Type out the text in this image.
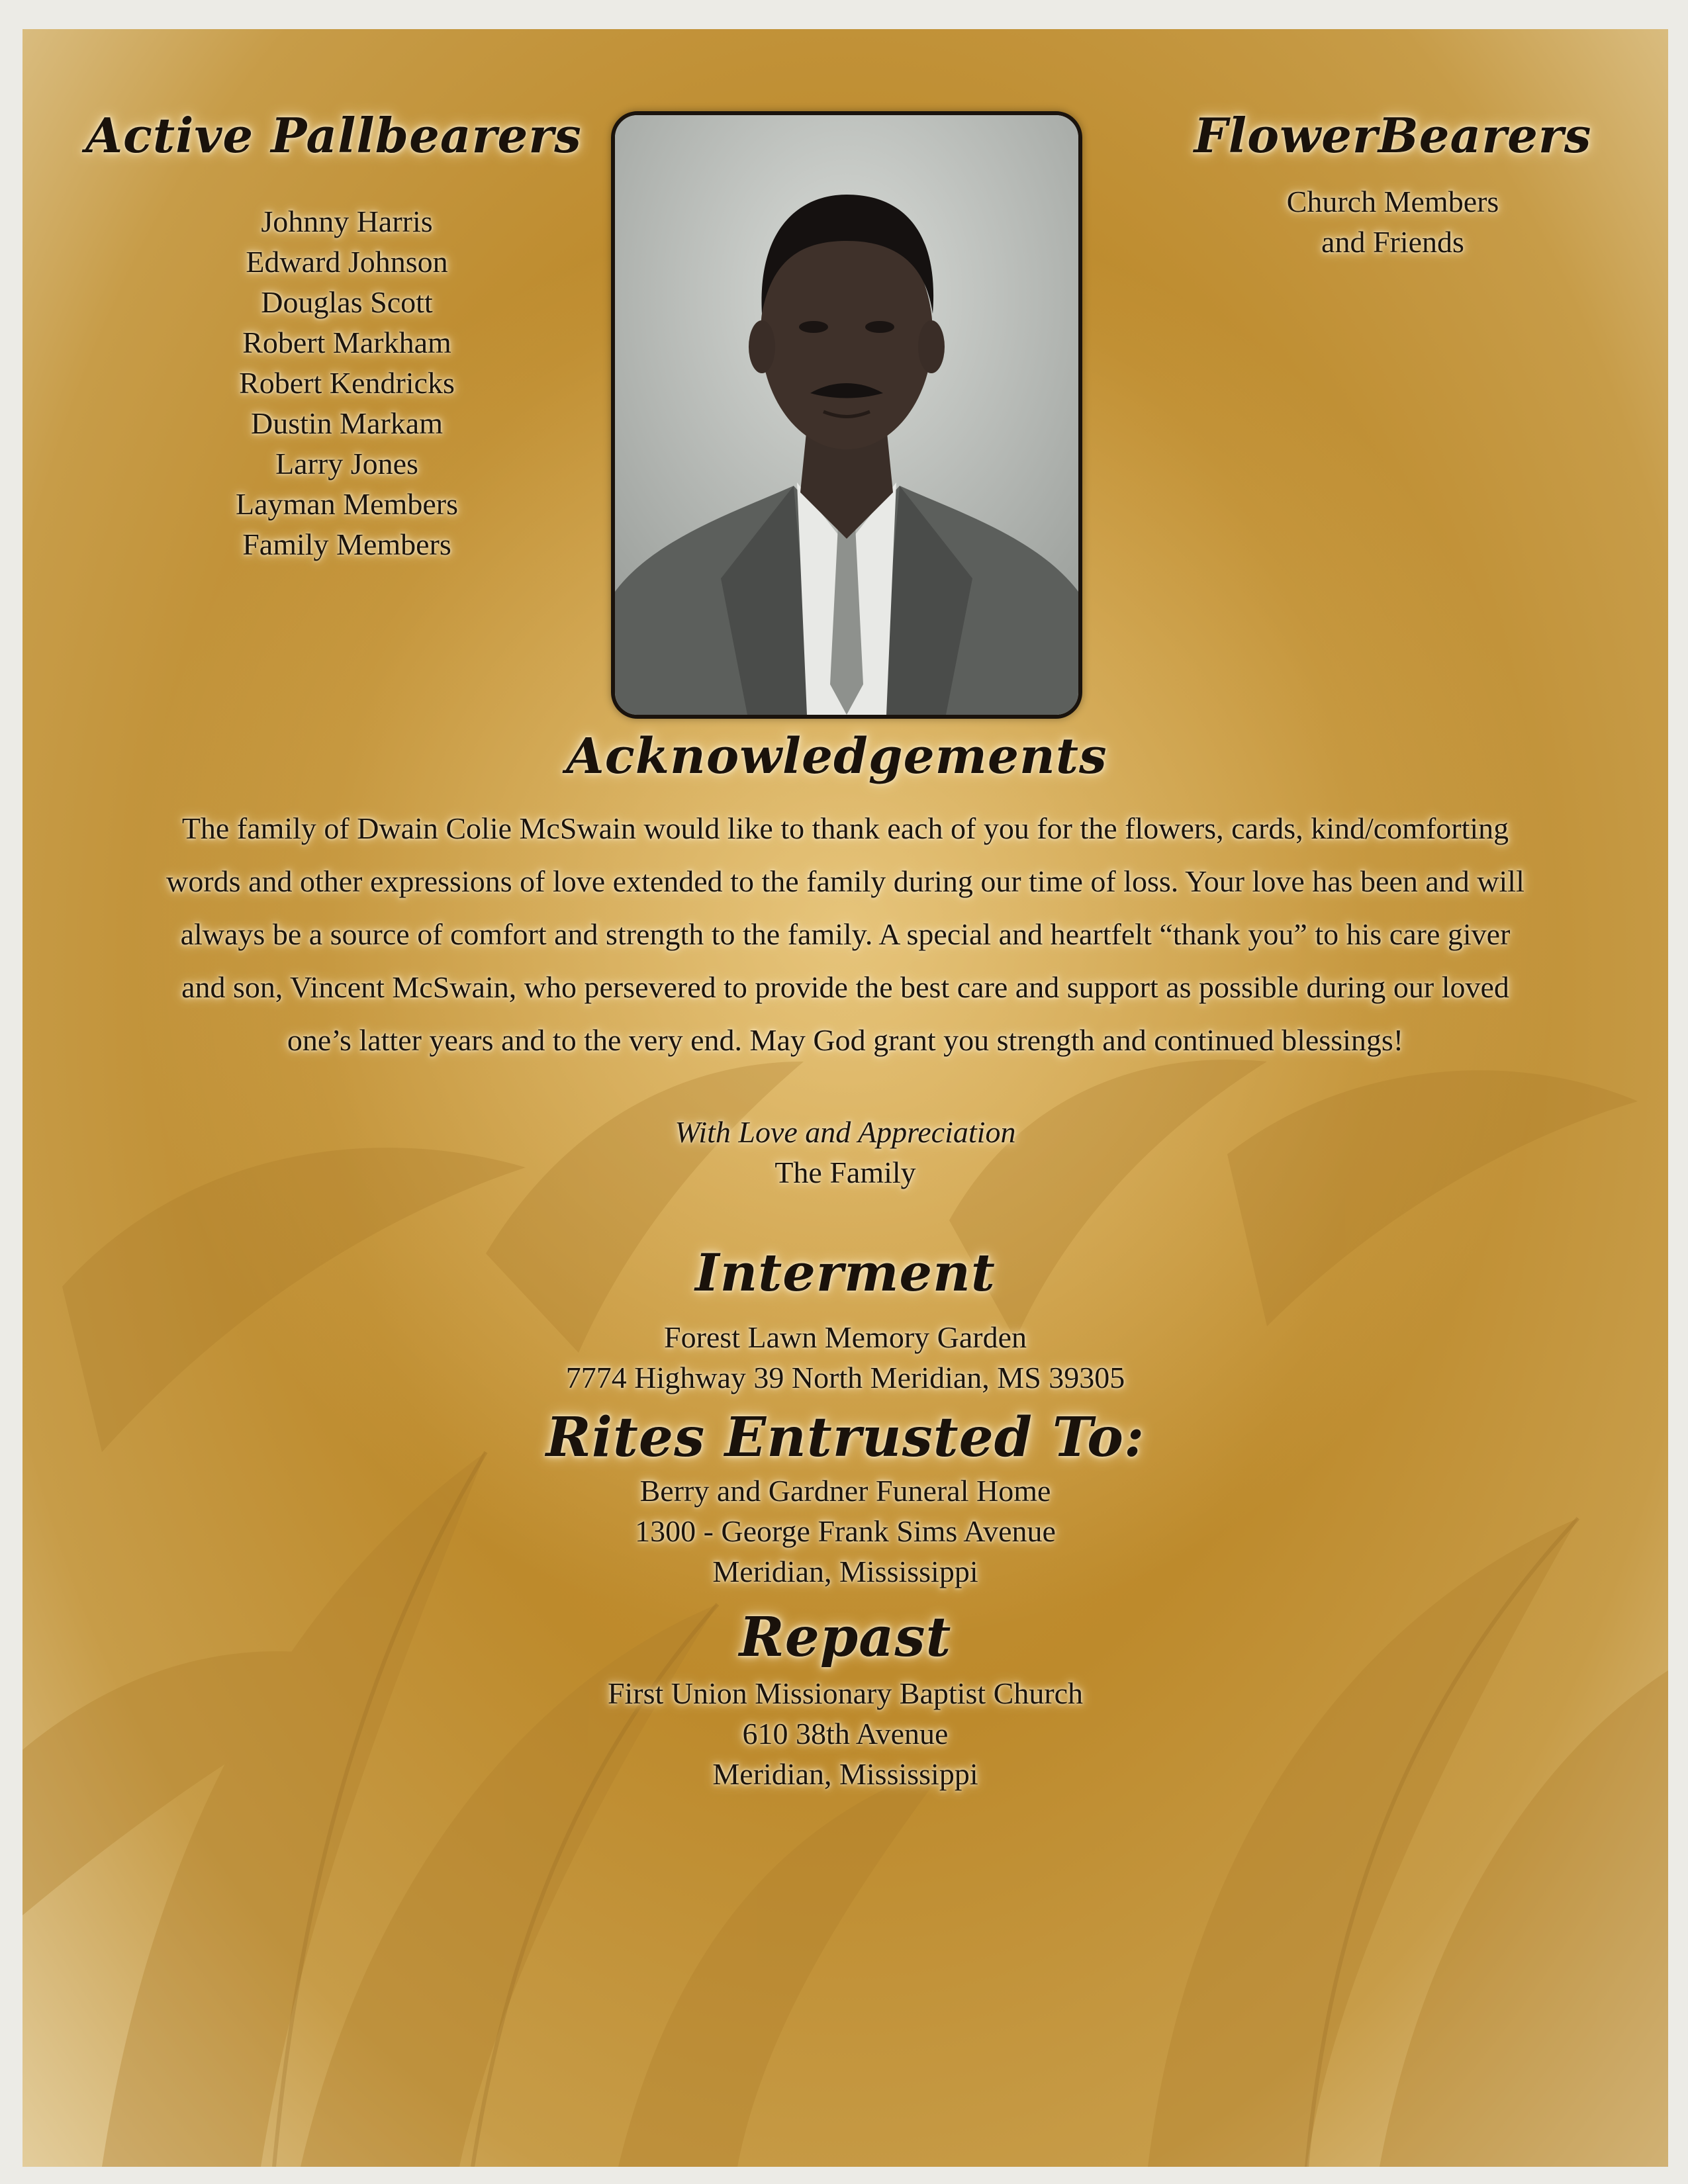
Active Pallbearers
Johnny Harris
Edward Johnson
Douglas Scott
Robert Markham
Robert Kendricks
Dustin Markam
Larry Jones
Layman Members
Family Members
FlowerBearers
Church Members
and Friends
Acknowledgements

The family of Dwain Colie McSwain would like to thank each of you for the flowers, cards, kind/comforting
words and other expressions of love extended to the family during our time of loss. Your love has been and will
always be a source of comfort and strength to the family. A special and heartfelt “thank you” to his care giver
and son, Vincent McSwain, who persevered to provide the best care and support as possible during our loved
one’s latter years and to the very end. May God grant you strength and continued blessings!

With Love and Appreciation
The Family
Interment
Forest Lawn Memory Garden
7774 Highway 39 North Meridian, MS 39305
Rites Entrusted To:
Berry and Gardner Funeral Home
1300 - George Frank Sims Avenue
Meridian, Mississippi
Repast
First Union Missionary Baptist Church
610 38th Avenue
Meridian, Mississippi
